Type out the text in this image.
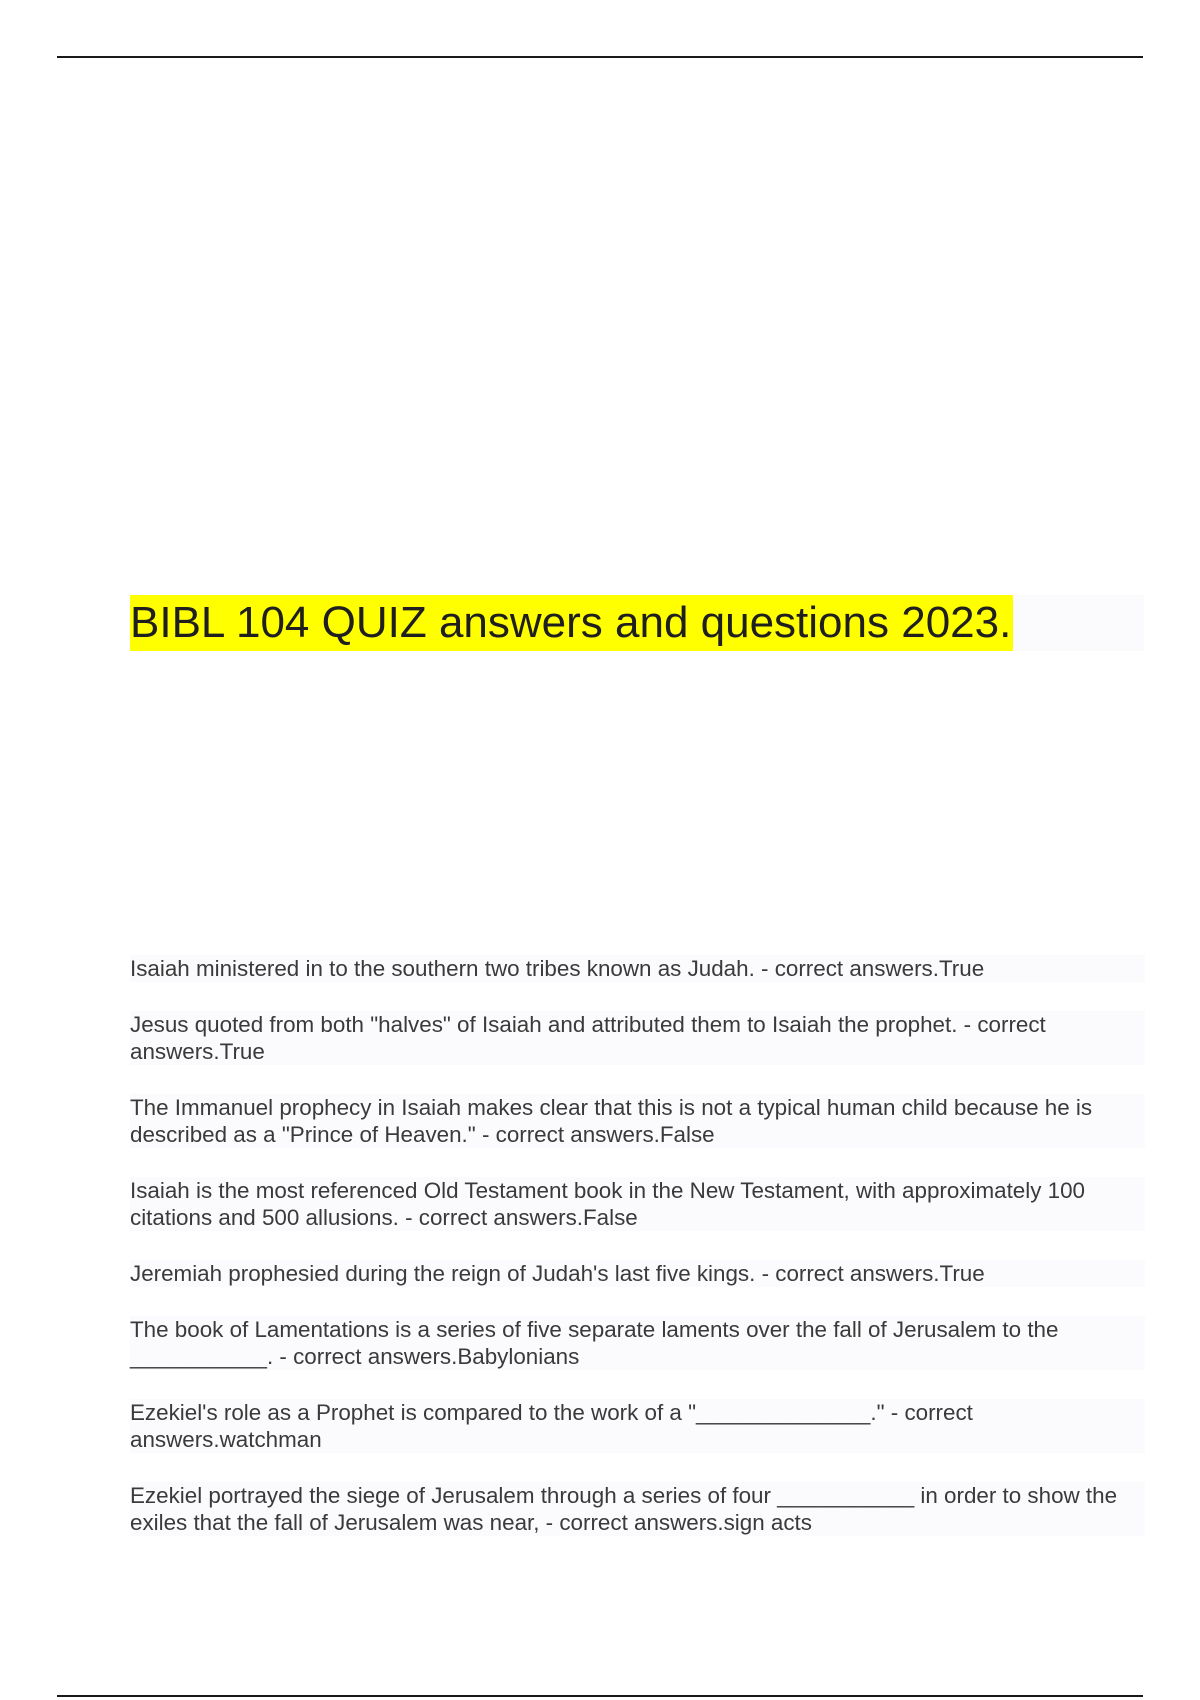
BIBL 104 QUIZ answers and questions 2023.
Isaiah ministered in to the southern two tribes known as Judah. - correct answers.True
Jesus quoted from both "halves" of Isaiah and attributed them to Isaiah the prophet. - correct answers.True
The Immanuel prophecy in Isaiah makes clear that this is not a typical human child because he is described as a "Prince of Heaven." - correct answers.False
Isaiah is the most referenced Old Testament book in the New Testament, with approximately 100 citations and 500 allusions. - correct answers.False
Jeremiah prophesied during the reign of Judah's last five kings. - correct answers.True
The book of Lamentations is a series of five separate laments over the fall of Jerusalem to the ___________. - correct answers.Babylonians
Ezekiel's role as a Prophet is compared to the work of a "______________." - correct answers.watchman
Ezekiel portrayed the siege of Jerusalem through a series of four ___________ in order to show the exiles that the fall of Jerusalem was near, - correct answers.sign acts
